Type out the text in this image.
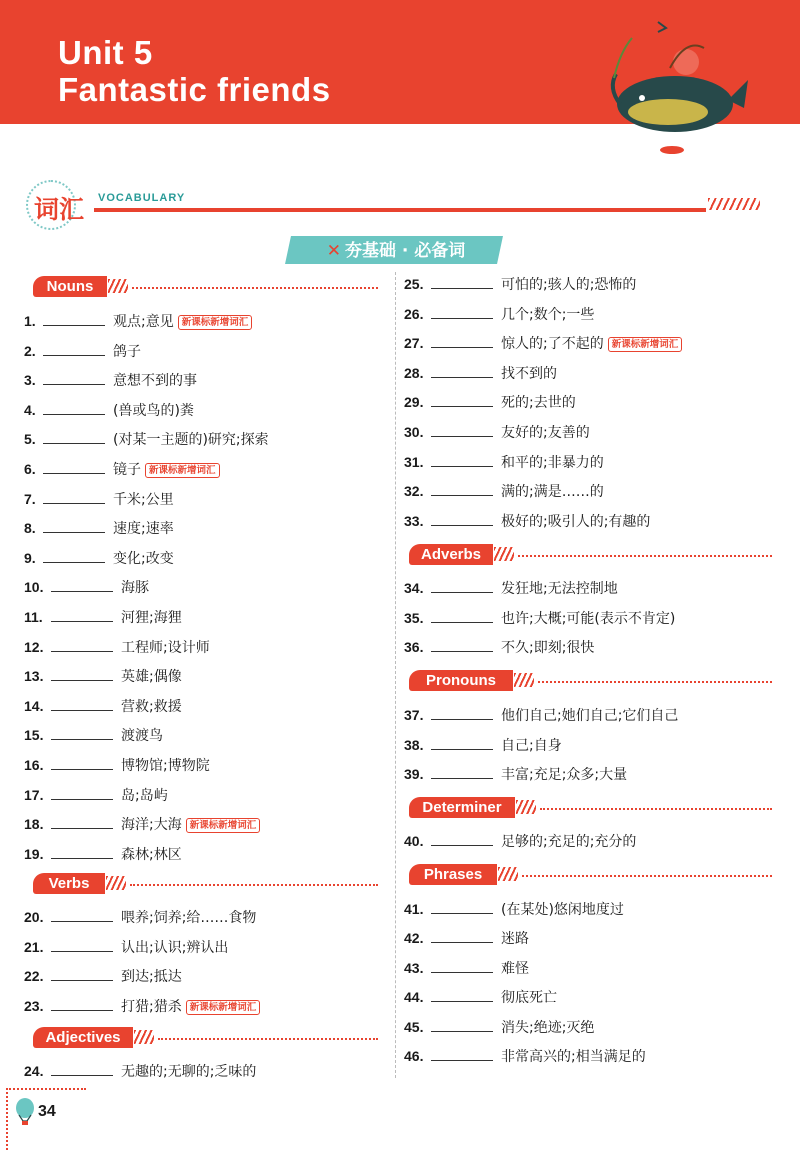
Unit 5
Fantastic friends
词汇 VOCABULARY
✕ 夯基础 · 必备词
Nouns
Verbs
Adjectives
Adverbs
Pronouns
Determiner
Phrases
1.	观点;意见 新课标新增词汇
2.	鸽子
3.	意想不到的事
4.	(兽或鸟的)粪
5.	(对某一主题的)研究;探索
6.	镜子 新课标新增词汇
7.	千米;公里
8.	速度;速率
9.	变化;改变
10.	海豚
11.	河狸;海狸
12.	工程师;设计师
13.	英雄;偶像
14.	营救;救援
15.	渡渡鸟
16.	博物馆;博物院
17.	岛;岛屿
18.	海洋;大海 新课标新增词汇
19.	森林;林区
20.	喂养;饲养;给……食物
21.	认出;认识;辨认出
22.	到达;抵达
23.	打猎;猎杀 新课标新增词汇
24.	无趣的;无聊的;乏味的
25.	可怕的;骇人的;恐怖的
26.	几个;数个;一些
27.	惊人的;了不起的 新课标新增词汇
28.	找不到的
29.	死的;去世的
30.	友好的;友善的
31.	和平的;非暴力的
32.	满的;满是……的
33.	极好的;吸引人的;有趣的
34.	发狂地;无法控制地
35.	也许;大概;可能(表示不肯定)
36.	不久;即刻;很快
37.	他们自己;她们自己;它们自己
38.	自己;自身
39.	丰富;充足;众多;大量
40.	足够的;充足的;充分的
41.	(在某处)悠闲地度过
42.	迷路
43.	难怪
44.	彻底死亡
45.	消失;绝迹;灭绝
46.	非常高兴的;相当满足的
34
